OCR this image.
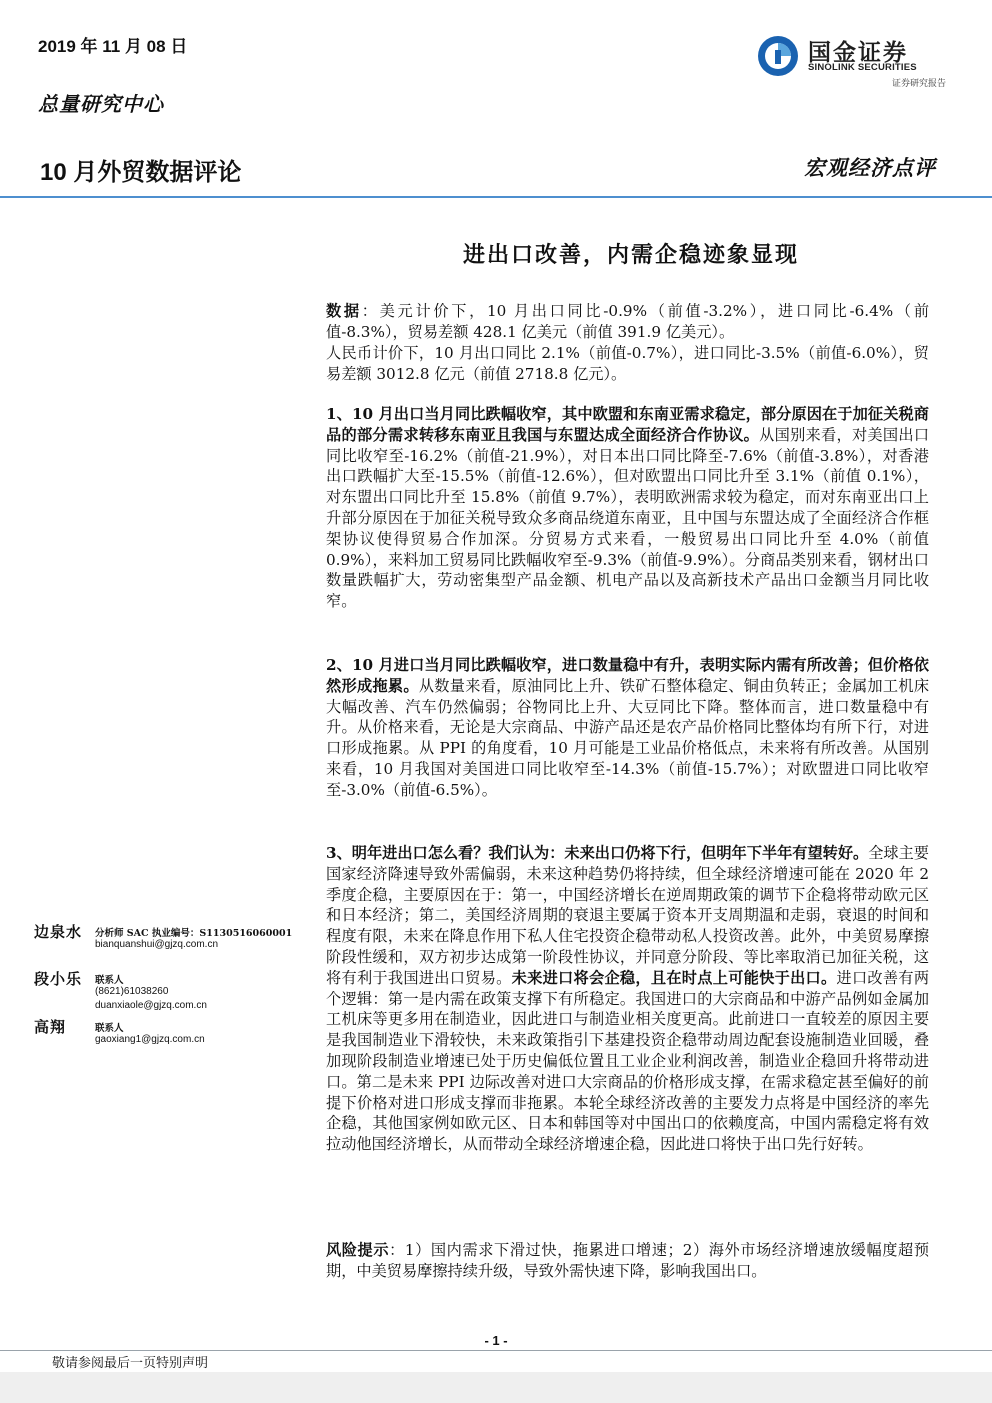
2019 年 11 月 08 日
总量研究中心
国金证券
SINOLINK SECURITIES
证券研究报告
10 月外贸数据评论	宏观经济点评
进出口改善，内需企稳迹象显现
数据：美元计价下，10 月出口同比-0.9%（前值-3.2%），进口同比-6.4%（前值-8.3%），贸易差额 428.1 亿美元（前值 391.9 亿美元）。
人民币计价下，10 月出口同比 2.1%（前值-0.7%），进口同比-3.5%（前值-6.0%），贸易差额 3012.8 亿元（前值 2718.8 亿元）。
1、10 月出口当月同比跌幅收窄，其中欧盟和东南亚需求稳定，部分原因在于加征关税商品的部分需求转移东南亚且我国与东盟达成全面经济合作协议。从国别来看，对美国出口同比收窄至-16.2%（前值-21.9%），对日本出口同比降至-7.6%（前值-3.8%），对香港出口跌幅扩大至-15.5%（前值-12.6%），但对欧盟出口同比升至 3.1%（前值 0.1%），对东盟出口同比升至 15.8%（前值 9.7%），表明欧洲需求较为稳定，而对东南亚出口上升部分原因在于加征关税导致众多商品绕道东南亚，且中国与东盟达成了全面经济合作框架协议使得贸易合作加深。分贸易方式来看，一般贸易出口同比升至 4.0%（前值 0.9%），来料加工贸易同比跌幅收窄至-9.3%（前值-9.9%）。分商品类别来看，钢材出口数量跌幅扩大，劳动密集型产品金额、机电产品以及高新技术产品出口金额当月同比收窄。
2、10 月进口当月同比跌幅收窄，进口数量稳中有升，表明实际内需有所改善；但价格依然形成拖累。从数量来看，原油同比上升、铁矿石整体稳定、铜由负转正；金属加工机床大幅改善、汽车仍然偏弱；谷物同比上升、大豆同比下降。整体而言，进口数量稳中有升。从价格来看，无论是大宗商品、中游产品还是农产品价格同比整体均有所下行，对进口形成拖累。从 PPI 的角度看，10 月可能是工业品价格低点，未来将有所改善。从国别来看，10 月我国对美国进口同比收窄至-14.3%（前值-15.7%）；对欧盟进口同比收窄至-3.0%（前值-6.5%）。
3、明年进出口怎么看？我们认为：未来出口仍将下行，但明年下半年有望转好。全球主要国家经济降速导致外需偏弱，未来这种趋势仍将持续，但全球经济增速可能在 2020 年 2 季度企稳，主要原因在于：第一，中国经济增长在逆周期政策的调节下企稳将带动欧元区和日本经济；第二，美国经济周期的衰退主要属于资本开支周期温和走弱，衰退的时间和程度有限，未来在降息作用下私人住宅投资企稳带动私人投资改善。此外，中美贸易摩擦阶段性缓和，双方初步达成第一阶段性协议，并同意分阶段、等比率取消已加征关税，这将有利于我国进出口贸易。未来进口将会企稳，且在时点上可能快于出口。进口改善有两个逻辑：第一是内需在政策支撑下有所稳定。我国进口的大宗商品和中游产品例如金属加工机床等更多用在制造业，因此进口与制造业相关度更高。此前进口一直较差的原因主要是我国制造业下滑较快，未来政策指引下基建投资企稳带动周边配套设施制造业回暖，叠加现阶段制造业增速已处于历史偏低位置且工业企业利润改善，制造业企稳回升将带动进口。第二是未来 PPI 边际改善对进口大宗商品的价格形成支撑，在需求稳定甚至偏好的前提下价格对进口形成支撑而非拖累。本轮全球经济改善的主要发力点将是中国经济的率先企稳，其他国家例如欧元区、日本和韩国等对中国出口的依赖度高，中国内需稳定将有效拉动他国经济增长，从而带动全球经济增速企稳，因此进口将快于出口先行好转。
风险提示：1）国内需求下滑过快，拖累进口增速；2）海外市场经济增速放缓幅度超预期，中美贸易摩擦持续升级，导致外需快速下降，影响我国出口。
边泉水 分析师 SAC 执业编号：S1130516060001
bianquanshui@gjzq.com.cn
段小乐 联系人
(8621)61038260
duanxiaole@gjzq.com.cn
高翔	联系人
gaoxiang1@gjzq.com.cn
- 1 -
敬请参阅最后一页特别声明
